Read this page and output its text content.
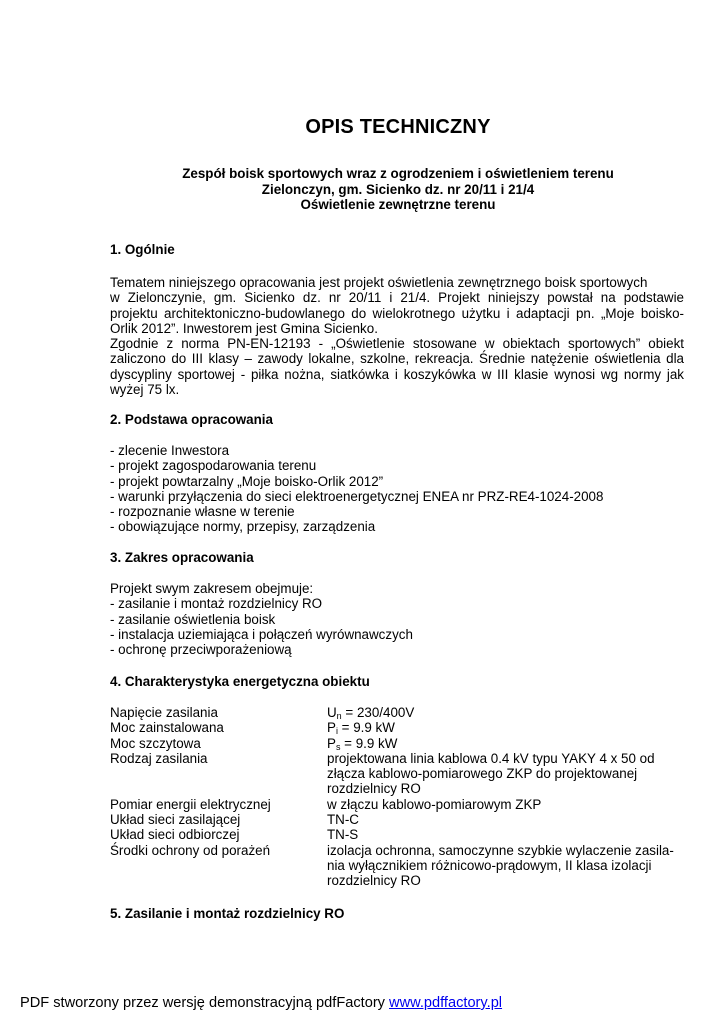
OPIS TECHNICZNY
Zespół boisk sportowych wraz z ogrodzeniem i oświetleniem terenu
Zielonczyn, gm. Sicienko dz. nr 20/11 i 21/4
Oświetlenie zewnętrzne terenu
1. Ogólnie
Tematem niniejszego opracowania jest projekt oświetlenia zewnętrznego boisk sportowych
w Zielonczynie, gm. Sicienko dz. nr 20/11 i 21/4. Projekt niniejszy powstał na podstawie
projektu architektoniczno-budowlanego do wielokrotnego użytku i adaptacji pn. „Moje boisko-
Orlik 2012”. Inwestorem jest Gmina Sicienko.
Zgodnie z norma PN-EN-12193 - „Oświetlenie stosowane w obiektach sportowych” obiekt
zaliczono do III klasy – zawody lokalne, szkolne, rekreacja. Średnie natężenie oświetlenia dla
dyscypliny sportowej - piłka nożna, siatkówka i koszykówka w III klasie wynosi wg normy jak
wyżej 75 lx.
2. Podstawa opracowania
- zlecenie Inwestora
- projekt zagospodarowania terenu
- projekt powtarzalny „Moje boisko-Orlik 2012”
- warunki przyłączenia do sieci elektroenergetycznej ENEA nr PRZ-RE4-1024-2008
- rozpoznanie własne w terenie
- obowiązujące normy, przepisy, zarządzenia
3. Zakres opracowania
Projekt swym zakresem obejmuje:
- zasilanie i montaż rozdzielnicy RO
- zasilanie oświetlenia boisk
- instalacja uziemiająca i połączeń wyrównawczych
- ochronę przeciwporażeniową
4. Charakterystyka energetyczna obiektu
Napięcie zasilania	$U_n = 230/400V$
Moc zainstalowana	$P_i = 9.9$ kW
Moc szczytowa	$P_s = 9.9$ kW
Rodzaj zasilania	projektowana linia kablowa 0.4 kV typu YAKY 4 x 50 od
złącza kablowo-pomiarowego ZKP do projektowanej
rozdzielnicy RO
Pomiar energii elektrycznej	w złączu kablowo-pomiarowym ZKP
Układ sieci zasilającej	TN-C
Układ sieci odbiorczej	TN-S
Środki ochrony od porażeń	izolacja ochronna, samoczynne szybkie wylaczenie zasila-
nia wyłącznikiem różnicowo-prądowym, II klasa izolacji
rozdzielnicy RO
5. Zasilanie i montaż rozdzielnicy RO
PDF stworzony przez wersję demonstracyjną pdfFactory www.pdffactory.pl
